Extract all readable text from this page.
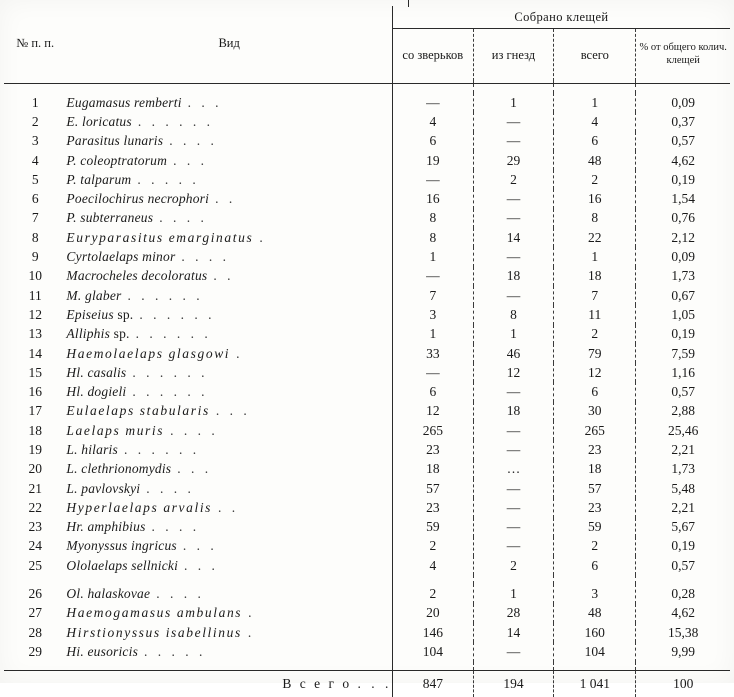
№ п. п.	Вид	Собрано клещей			
		со зверьков	из гнезд	всего	% от общего колич. клещей

1	Eugamasus remberti . . .	—	1	1	0,09
2	E. loricatus . . . . . .	4	—	4	0,37
3	Parasitus lunaris . . . .	6	—	6	0,57
4	P. coleoptratorum . . .	19	29	48	4,62
5	P. talparum . . . . .	—	2	2	0,19
6	Poecilochirus necrophori . .	16	—	16	1,54
7	P. subterraneus . . . .	8	—	8	0,76
8	Euryparasitus emarginatus .	8	14	22	2,12
9	Cyrtolaelaps minor . . . .	1	—	1	0,09
10	Macrocheles decoloratus . .	—	18	18	1,73
11	M. glaber . . . . . .	7	—	7	0,67
12	Episeius sp. . . . . . .	3	8	11	1,05
13	Alliphis sp. . . . . . .	1	1	2	0,19
14	Haemolaelaps glasgowi .	33	46	79	7,59
15	Hl. casalis . . . . . .	—	12	12	1,16
16	Hl. dogieli . . . . . .	6	—	6	0,57
17	Eulaelaps stabularis . . .	12	18	30	2,88
18	Laelaps muris . . . .	265	—	265	25,46
19	L. hilaris . . . . . .	23	—	23	2,21
20	L. clethrionomydis . . .	18	…	18	1,73
21	L. pavlovskyi . . . .	57	—	57	5,48
22	Hyperlaelaps arvalis . .	23	—	23	2,21
23	Hr. amphibius . . . .	59	—	59	5,67
24	Myonyssus ingricus . . .	2	—	2	0,19
25	Ololaelaps sellnicki . . .	4	2	6	0,57

26	Ol. halaskovae . . . .	2	1	3	0,28
27	Haemogamasus ambulans .	20	28	48	4,62
28	Hirstionyssus isabellinus .	146	14	160	15,38
29	Hi. eusoricis . . . . .	104	—	104	9,99

	В с е г о . . .	847	194	1 041	100
